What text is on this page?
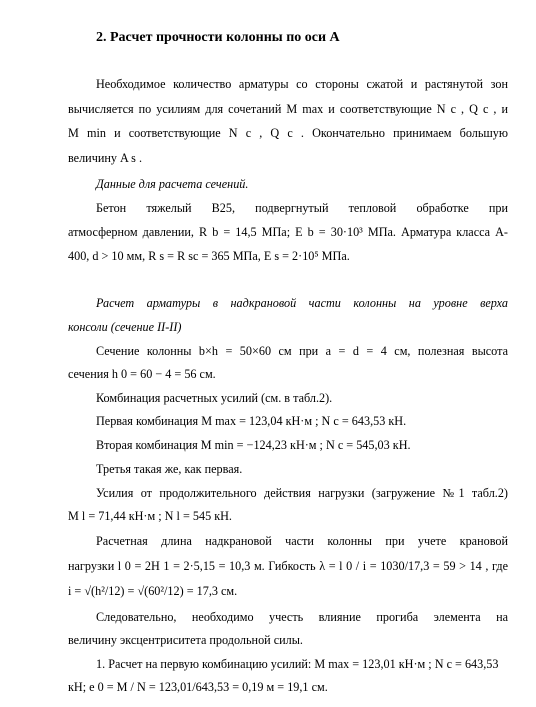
2. Расчет прочности колонны по оси А
Необходимое количество арматуры со стороны сжатой и растянутой зон
вычисляется по усилиям для сочетаний M max и соответствующие N c , Q c , и
M min и соответствующие N c , Q c . Окончательно принимаем большую
величину A s .
Данные для расчета сечений.
Бетон тяжелый В25, подвергнутый тепловой обработке при
атмосферном давлении, R b = 14,5 МПа; E b = 30·10³ МПа. Арматура класса А-
400, d > 10 мм, R s = R sc = 365 МПа, E s = 2·10⁵ МПа.
Расчет арматуры в надкрановой части колонны на уровне верха
консоли (сечение II-II)
Сечение колонны b×h = 50×60 см при a = d = 4 см, полезная высота
сечения h 0 = 60 − 4 = 56 см.
Комбинация расчетных усилий (см. в табл.2).
Первая комбинация M max = 123,04 кН·м ; N c = 643,53 кН.
Вторая комбинация M min = −124,23 кН·м ; N c = 545,03 кН.
Третья такая же, как первая.
Усилия от продолжительного действия нагрузки (загружение №1 табл.2)
M l = 71,44 кН·м ; N l = 545 кН.
Расчетная длина надкрановой части колонны при учете крановой
нагрузки l 0 = 2H 1 = 2·5,15 = 10,3 м. Гибкость λ = l 0 / i = 1030/17,3 = 59 > 14 , где
i = √(h²/12) = √(60²/12) = 17,3 см.
Следовательно, необходимо учесть влияние прогиба элемента на
величину эксцентриситета продольной силы.
1. Расчет на первую комбинацию усилий: M max = 123,01 кН·м ; N c = 643,53
кН; e 0 = M / N = 123,01/643,53 = 0,19 м = 19,1 см.
